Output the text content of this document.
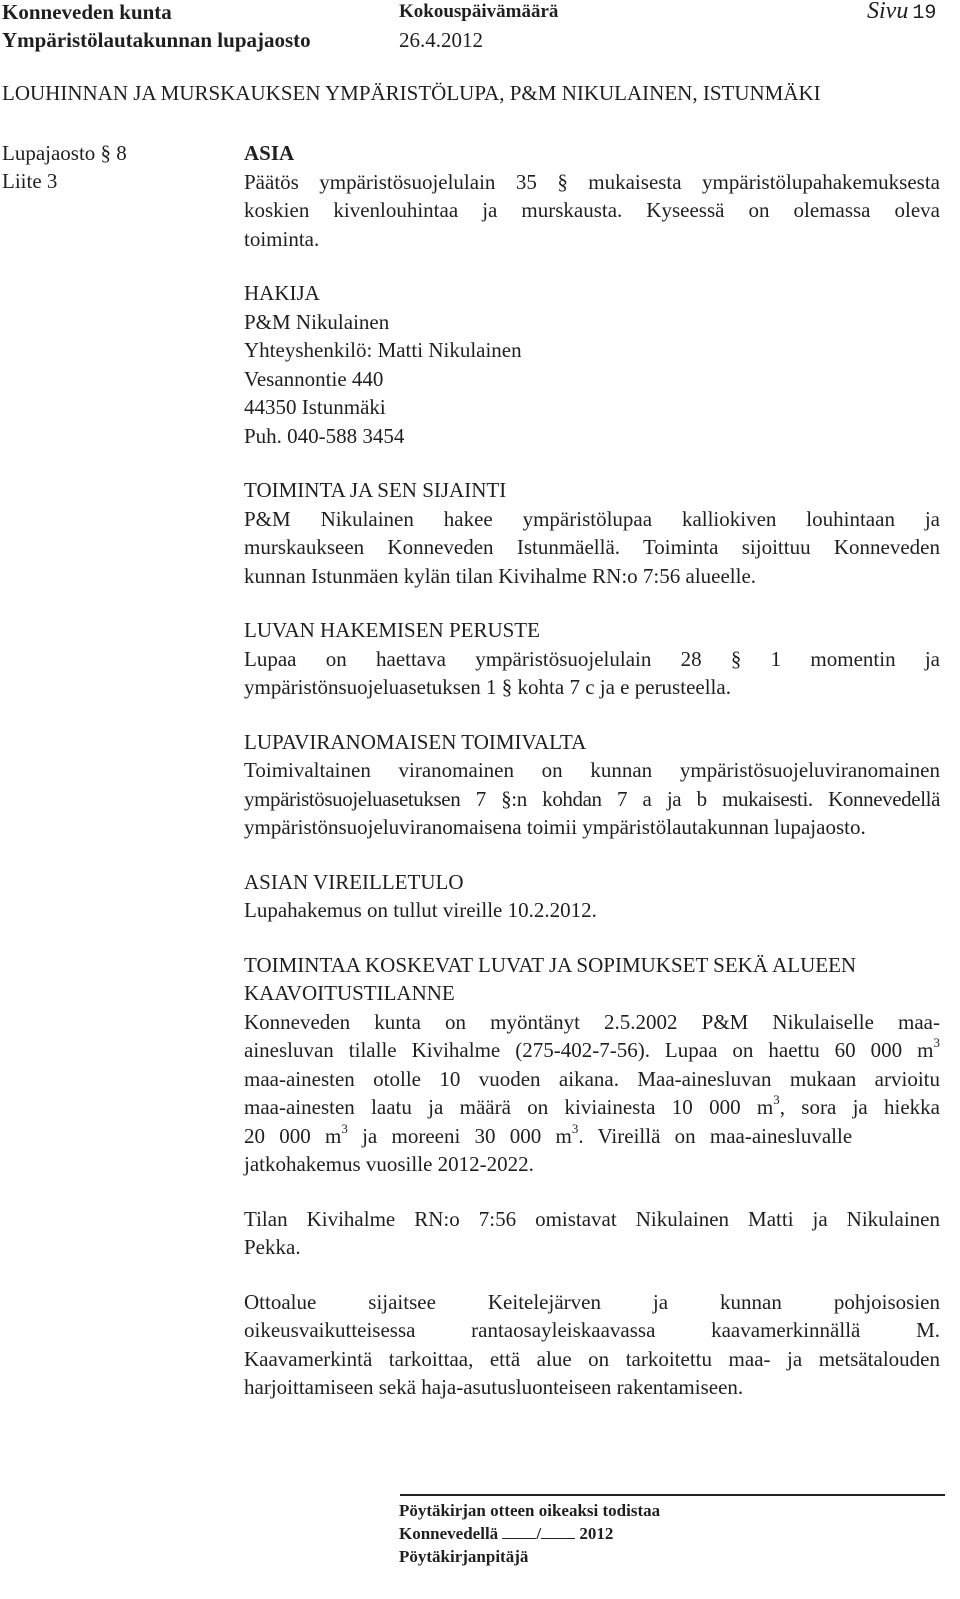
Konneveden kunta	Kokouspäivämäärä	Sivu 19
Ympäristölautakunnan lupajaosto	26.4.2012
LOUHINNAN JA MURSKAUKSEN YMPÄRISTÖLUPA, P&M NIKULAINEN, ISTUNMÄKI
Lupajaosto § 8
Liite 3
ASIA
Päätös ympäristösuojelulain 35 § mukaisesta ympäristölupahakemuksesta
koskien kivenlouhintaa ja murskausta. Kyseessä on olemassa oleva
toiminta.
HAKIJA
P&M Nikulainen
Yhteyshenkilö: Matti Nikulainen
Vesannontie 440
44350 Istunmäki
Puh. 040-588 3454
TOIMINTA JA SEN SIJAINTI
P&M Nikulainen hakee ympäristölupaa kalliokiven louhintaan ja
murskaukseen Konneveden Istunmäellä. Toiminta sijoittuu Konneveden
kunnan Istunmäen kylän tilan Kivihalme RN:o 7:56 alueelle.
LUVAN HAKEMISEN PERUSTE
Lupaa on haettava ympäristösuojelulain 28 § 1 momentin ja
ympäristönsuojeluasetuksen 1 § kohta 7 c ja e perusteella.
LUPAVIRANOMAISEN TOIMIVALTA
Toimivaltainen viranomainen on kunnan ympäristösuojeluviranomainen
ympäristösuojeluasetuksen 7 §:n kohdan 7 a ja b mukaisesti. Konnevedellä
ympäristönsuojeluviranomaisena toimii ympäristölautakunnan lupajaosto.
ASIAN VIREILLETULO
Lupahakemus on tullut vireille 10.2.2012.
TOIMINTAA KOSKEVAT LUVAT JA SOPIMUKSET SEKÄ ALUEEN
KAAVOITUSTILANNE
Konneveden kunta on myöntänyt 2.5.2002 P&M Nikulaiselle maa-
ainesluvan tilalle Kivihalme (275-402-7-56). Lupaa on haettu 60 000 $m^3$
maa-ainesten otolle 10 vuoden aikana. Maa-ainesluvan mukaan arvioitu
maa-ainesten laatu ja määrä on kiviainesta 10 000 $m^3$, sora ja hiekka
20 000 $m^3$ ja moreeni 30 000 $m^3$. Vireillä on maa-ainesluvalle
jatkohakemus vuosille 2012-2022.
Tilan Kivihalme RN:o 7:56 omistavat Nikulainen Matti ja Nikulainen
Pekka.
Ottoalue sijaitsee Keitelejärven ja kunnan pohjoisosien
oikeusvaikutteisessa rantaosayleiskaavassa kaavamerkinnällä M.
Kaavamerkintä tarkoittaa, että alue on tarkoitettu maa- ja metsätalouden
harjoittamiseen sekä haja-asutusluonteiseen rakentamiseen.
Pöytäkirjan otteen oikeaksi todistaa
Konnevedellä / 2012
Pöytäkirjanpitäjä
